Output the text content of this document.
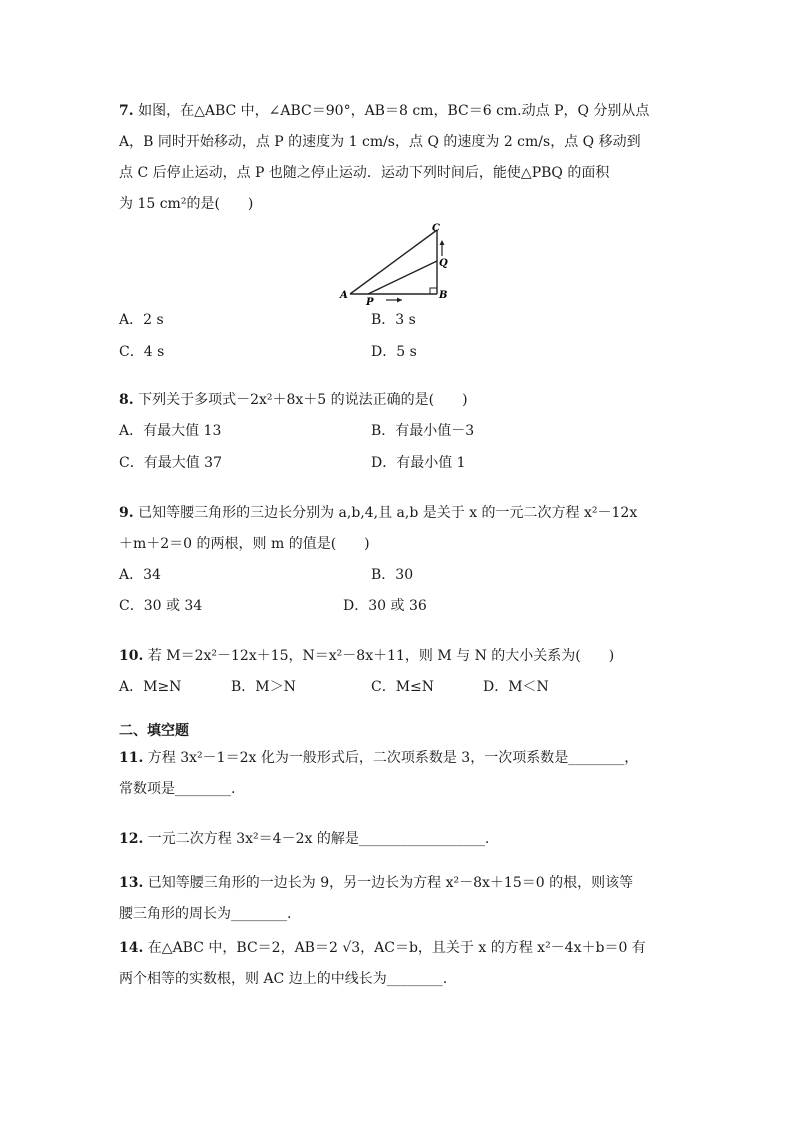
7. 如图，在△ABC 中，∠ABC＝90°，AB＝8 cm，BC＝6 cm.动点 P，Q 分别从点
A，B 同时开始移动，点 P 的速度为 1 cm/s，点 Q 的速度为 2 cm/s，点 Q 移动到
点 C 后停止运动，点 P 也随之停止运动．运动下列时间后，能使△PBQ 的面积
为 15 cm²的是(　　)
A
P
B
C
Q
A．2 s	B．3 s
C．4 s	D．5 s
8. 下列关于多项式－2x²＋8x＋5 的说法正确的是(　　)
A．有最大值 13	B．有最小值－3
C．有最大值 37	D．有最小值 1
9. 已知等腰三角形的三边长分别为 a,b,4,且 a,b 是关于 x 的一元二次方程 x²－12x
＋m＋2＝0 的两根，则 m 的值是(　　)
A．34	B．30
C．30 或 34	D．30 或 36
10. 若 M＝2x²－12x＋15，N＝x²－8x＋11，则 M 与 N 的大小关系为(　　)
A．M≥N	B．M＞N	C．M≤N	D．M＜N
二、填空题
11. 方程 3x²－1＝2x 化为一般形式后，二次项系数是 3，一次项系数是________，
常数项是________.
12. 一元二次方程 3x²＝4－2x 的解是__________________.
13. 已知等腰三角形的一边长为 9，另一边长为方程 x²－8x＋15＝0 的根，则该等
腰三角形的周长为________.
14. 在△ABC 中，BC＝2，AB＝2 √3，AC＝b，且关于 x 的方程 x²－4x＋b＝0 有
两个相等的实数根，则 AC 边上的中线长为________.
